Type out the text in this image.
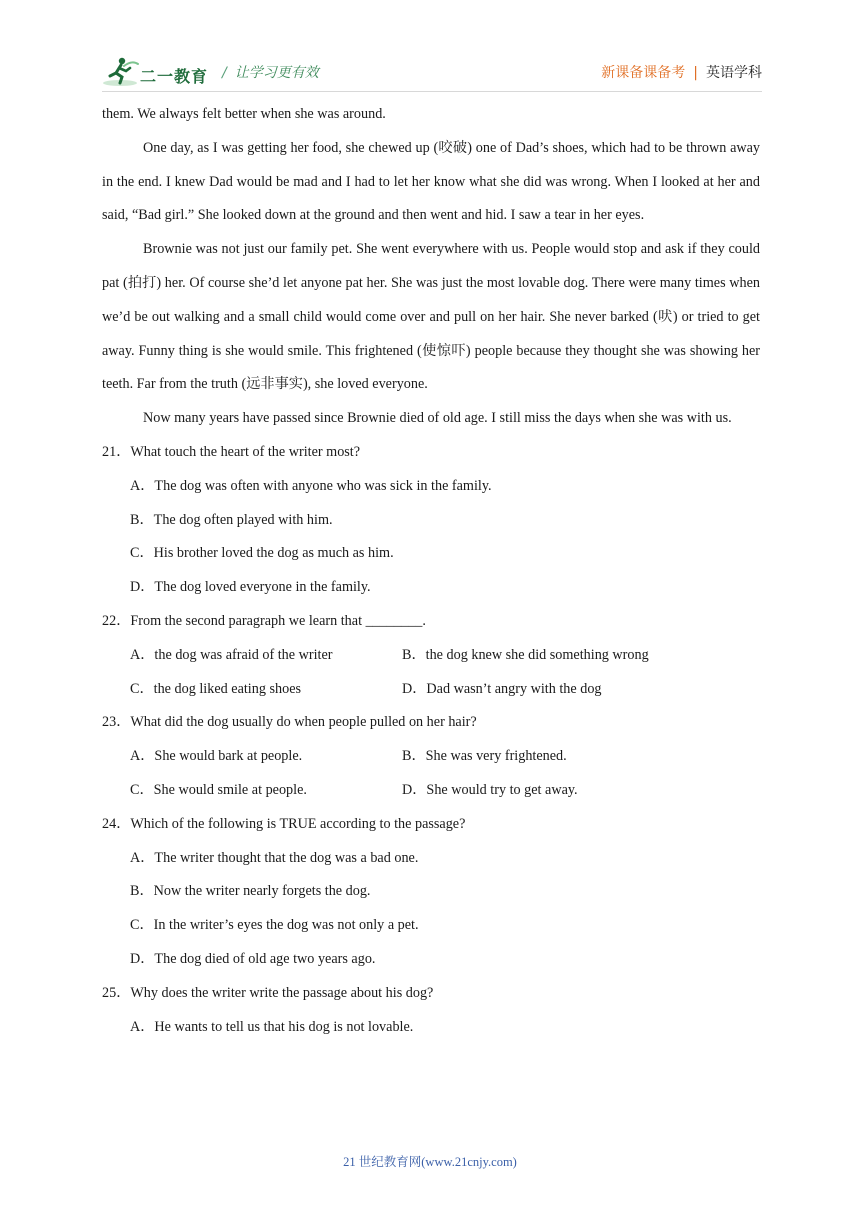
二一教育 / 让学习更有效	新课备课备考 | 英语学科

them. We always felt better when she was around.

One day, as I was getting her food, she chewed up (咬破) one of Dad’s shoes, which had to be thrown away in the end. I knew Dad would be mad and I had to let her know what she did was wrong. When I looked at her and said, “Bad girl.” She looked down at the ground and then went and hid. I saw a tear in her eyes.

Brownie was not just our family pet. She went everywhere with us. People would stop and ask if they could pat (拍打) her. Of course she’d let anyone pat her. She was just the most lovable dog. There were many times when we’d be out walking and a small child would come over and pull on her hair. She never barked (吠) or tried to get away. Funny thing is she would smile. This frightened (使惊吓) people because they thought she was showing her teeth. Far from the truth (远非事实), she loved everyone.

Now many years have passed since Brownie died of old age. I still miss the days when she was with us.

21．What touch the heart of the writer most?
A．The dog was often with anyone who was sick in the family.
B．The dog often played with him.
C．His brother loved the dog as much as him.
D．The dog loved everyone in the family.
22．From the second paragraph we learn that ________.
A．the dog was afraid of the writer	B．the dog knew she did something wrong
C．the dog liked eating shoes	D．Dad wasn’t angry with the dog
23．What did the dog usually do when people pulled on her hair?
A．She would bark at people.	B．She was very frightened.
C．She would smile at people.	D．She would try to get away.
24．Which of the following is TRUE according to the passage?
A．The writer thought that the dog was a bad one.
B．Now the writer nearly forgets the dog.
C．In the writer’s eyes the dog was not only a pet.
D．The dog died of old age two years ago.
25．Why does the writer write the passage about his dog?
A．He wants to tell us that his dog is not lovable.
21 世纪教育网(www.21cnjy.com)
